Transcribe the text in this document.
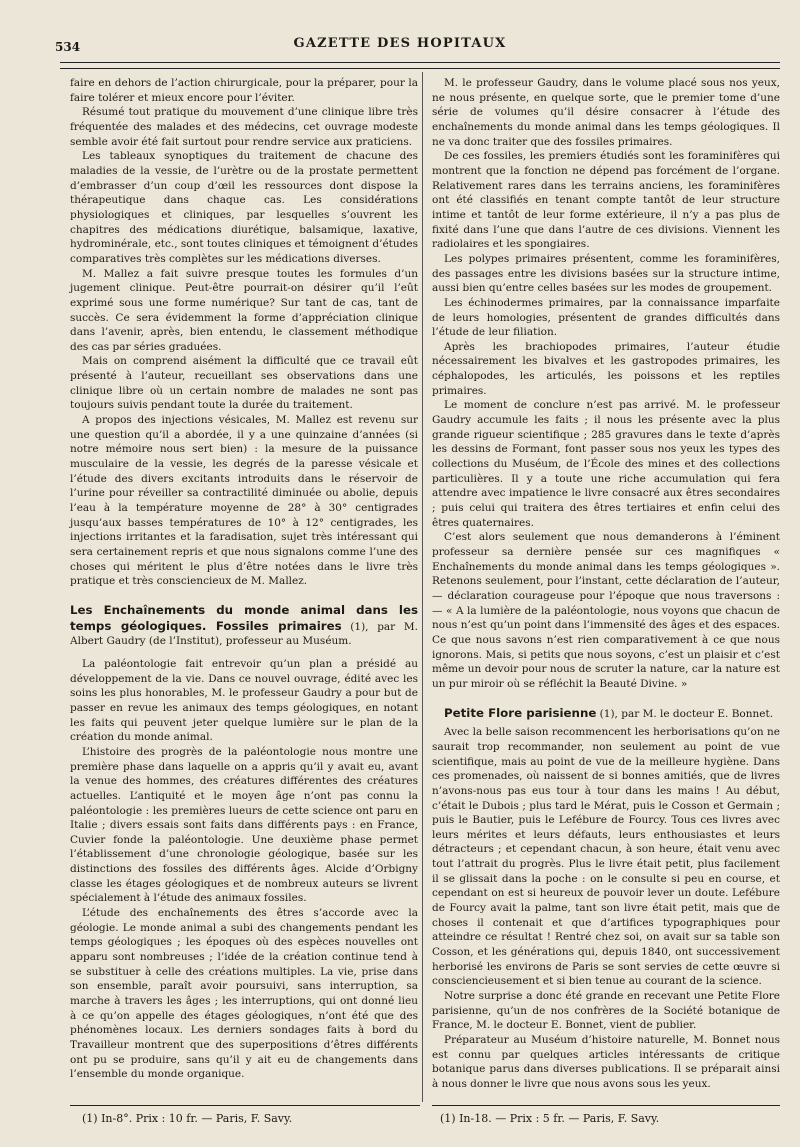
534	GAZETTE DES HOPITAUX

faire en dehors de l’action chirurgicale, pour la préparer, pour la faire tolérer et mieux encore pour l’éviter.

Résumé tout pratique du mouvement d’une clinique libre très fréquentée des malades et des médecins, cet ouvrage modeste semble avoir été fait surtout pour rendre service aux praticiens.

Les tableaux synoptiques du traitement de chacune des maladies de la vessie, de l’urètre ou de la prostate permettent d’embrasser d’un coup d’œil les ressources dont dispose la thérapeutique dans chaque cas. Les considérations physiologiques et cliniques, par lesquelles s’ouvrent les chapitres des médications diurétique, balsamique, laxative, hydrominérale, etc., sont toutes cliniques et témoignent d’études comparatives très complètes sur les médications diverses.

M. Mallez a fait suivre presque toutes les formules d’un jugement clinique. Peut-être pourrait-on désirer qu’il l’eût exprimé sous une forme numérique? Sur tant de cas, tant de succès. Ce sera évidemment la forme d’appréciation clinique dans l’avenir, après, bien entendu, le classement méthodique des cas par séries graduées.

Mais on comprend aisément la difficulté que ce travail eût présenté à l’auteur, recueillant ses observations dans une clinique libre où un certain nombre de malades ne sont pas toujours suivis pendant toute la durée du traitement.

A propos des injections vésicales, M. Mallez est revenu sur une question qu’il a abordée, il y a une quinzaine d’années (si notre mémoire nous sert bien) : la mesure de la puissance musculaire de la vessie, les degrés de la paresse vésicale et l’étude des divers excitants introduits dans le réservoir de l’urine pour réveiller sa contractilité diminuée ou abolie, depuis l’eau à la température moyenne de 28° à 30° centigrades jusqu’aux basses températures de 10° à 12° centigrades, les injections irritantes et la faradisation, sujet très intéressant qui sera certainement repris et que nous signalons comme l’une des choses qui méritent le plus d’être notées dans le livre très pratique et très consciencieux de M. Mallez.

Les Enchaînements du monde animal dans les temps géologiques. Fossiles primaires (1), par M. Albert Gaudry (de l’Institut), professeur au Muséum.

La paléontologie fait entrevoir qu’un plan a présidé au développement de la vie. Dans ce nouvel ouvrage, édité avec les soins les plus honorables, M. le professeur Gaudry a pour but de passer en revue les animaux des temps géologiques, en notant les faits qui peuvent jeter quelque lumière sur le plan de la création du monde animal.

L’histoire des progrès de la paléontologie nous montre une première phase dans laquelle on a appris qu’il y avait eu, avant la venue des hommes, des créatures différentes des créatures actuelles. L’antiquité et le moyen âge n’ont pas connu la paléontologie : les premières lueurs de cette science ont paru en Italie ; divers essais sont faits dans différents pays : en France, Cuvier fonde la paléontologie. Une deuxième phase permet l’établissement d’une chronologie géologique, basée sur les distinctions des fossiles des différents âges. Alcide d’Orbigny classe les étages géologiques et de nombreux auteurs se livrent spécialement à l’étude des animaux fossiles.

L’étude des enchaînements des êtres s’accorde avec la géologie. Le monde animal a subi des changements pendant les temps géologiques ; les époques où des espèces nouvelles ont apparu sont nombreuses ; l’idée de la création continue tend à se substituer à celle des créations multiples. La vie, prise dans son ensemble, paraît avoir poursuivi, sans interruption, sa marche à travers les âges ; les interruptions, qui ont donné lieu à ce qu’on appelle des étages géologiques, n’ont été que des phénomènes locaux. Les derniers sondages faits à bord du Travailleur montrent que des superpositions d’êtres différents ont pu se produire, sans qu’il y ait eu de changements dans l’ensemble du monde organique.

(1) In-8°. Prix : 10 fr. — Paris, F. Savy.

M. le professeur Gaudry, dans le volume placé sous nos yeux, ne nous présente, en quelque sorte, que le premier tome d’une série de volumes qu’il désire consacrer à l’étude des enchaînements du monde animal dans les temps géologiques. Il ne va donc traiter que des fossiles primaires.

De ces fossiles, les premiers étudiés sont les foraminifères qui montrent que la fonction ne dépend pas forcément de l’organe. Relativement rares dans les terrains anciens, les foraminifères ont été classifiés en tenant compte tantôt de leur structure intime et tantôt de leur forme extérieure, il n’y a pas plus de fixité dans l’une que dans l’autre de ces divisions. Viennent les radiolaires et les spongiaires.

Les polypes primaires présentent, comme les foraminifères, des passages entre les divisions basées sur la structure intime, aussi bien qu’entre celles basées sur les modes de groupement.

Les échinodermes primaires, par la connaissance imparfaite de leurs homologies, présentent de grandes difficultés dans l’étude de leur filiation.

Après les brachiopodes primaires, l’auteur étudie nécessairement les bivalves et les gastropodes primaires, les céphalopodes, les articulés, les poissons et les reptiles primaires.

Le moment de conclure n’est pas arrivé. M. le professeur Gaudry accumule les faits ; il nous les présente avec la plus grande rigueur scientifique ; 285 gravures dans le texte d’après les dessins de Formant, font passer sous nos yeux les types des collections du Muséum, de l’École des mines et des collections particulières. Il y a toute une riche accumulation qui fera attendre avec impatience le livre consacré aux êtres secondaires ; puis celui qui traitera des êtres tertiaires et enfin celui des êtres quaternaires.

C’est alors seulement que nous demanderons à l’éminent professeur sa dernière pensée sur ces magnifiques « Enchaînements du monde animal dans les temps géologiques ». Retenons seulement, pour l’instant, cette déclaration de l’auteur, — déclaration courageuse pour l’époque que nous traversons : — « A la lumière de la paléontologie, nous voyons que chacun de nous n’est qu’un point dans l’immensité des âges et des espaces. Ce que nous savons n’est rien comparativement à ce que nous ignorons. Mais, si petits que nous soyons, c’est un plaisir et c’est même un devoir pour nous de scruter la nature, car la nature est un pur miroir où se réfléchit la Beauté Divine. »

Petite Flore parisienne (1), par M. le docteur E. Bonnet.

Avec la belle saison recommencent les herborisations qu’on ne saurait trop recommander, non seulement au point de vue scientifique, mais au point de vue de la meilleure hygiène. Dans ces promenades, où naissent de si bonnes amitiés, que de livres n’avons-nous pas eus tour à tour dans les mains ! Au début, c’était le Dubois ; plus tard le Mérat, puis le Cosson et Germain ; puis le Bautier, puis le Lefébure de Fourcy. Tous ces livres avec leurs mérites et leurs défauts, leurs enthousiastes et leurs détracteurs ; et cependant chacun, à son heure, était venu avec tout l’attrait du progrès. Plus le livre était petit, plus facilement il se glissait dans la poche : on le consulte si peu en course, et cependant on est si heureux de pouvoir lever un doute. Lefébure de Fourcy avait la palme, tant son livre était petit, mais que de choses il contenait et que d’artifices typographiques pour atteindre ce résultat ! Rentré chez soi, on avait sur sa table son Cosson, et les générations qui, depuis 1840, ont successivement herborisé les environs de Paris se sont servies de cette œuvre si consciencieusement et si bien tenue au courant de la science.

Notre surprise a donc été grande en recevant une Petite Flore parisienne, qu’un de nos confrères de la Société botanique de France, M. le docteur E. Bonnet, vient de publier.

Préparateur au Muséum d’histoire naturelle, M. Bonnet nous est connu par quelques articles intéressants de critique botanique parus dans diverses publications. Il se préparait ainsi à nous donner le livre que nous avons sous les yeux.

(1) In-18. — Prix : 5 fr. — Paris, F. Savy.
